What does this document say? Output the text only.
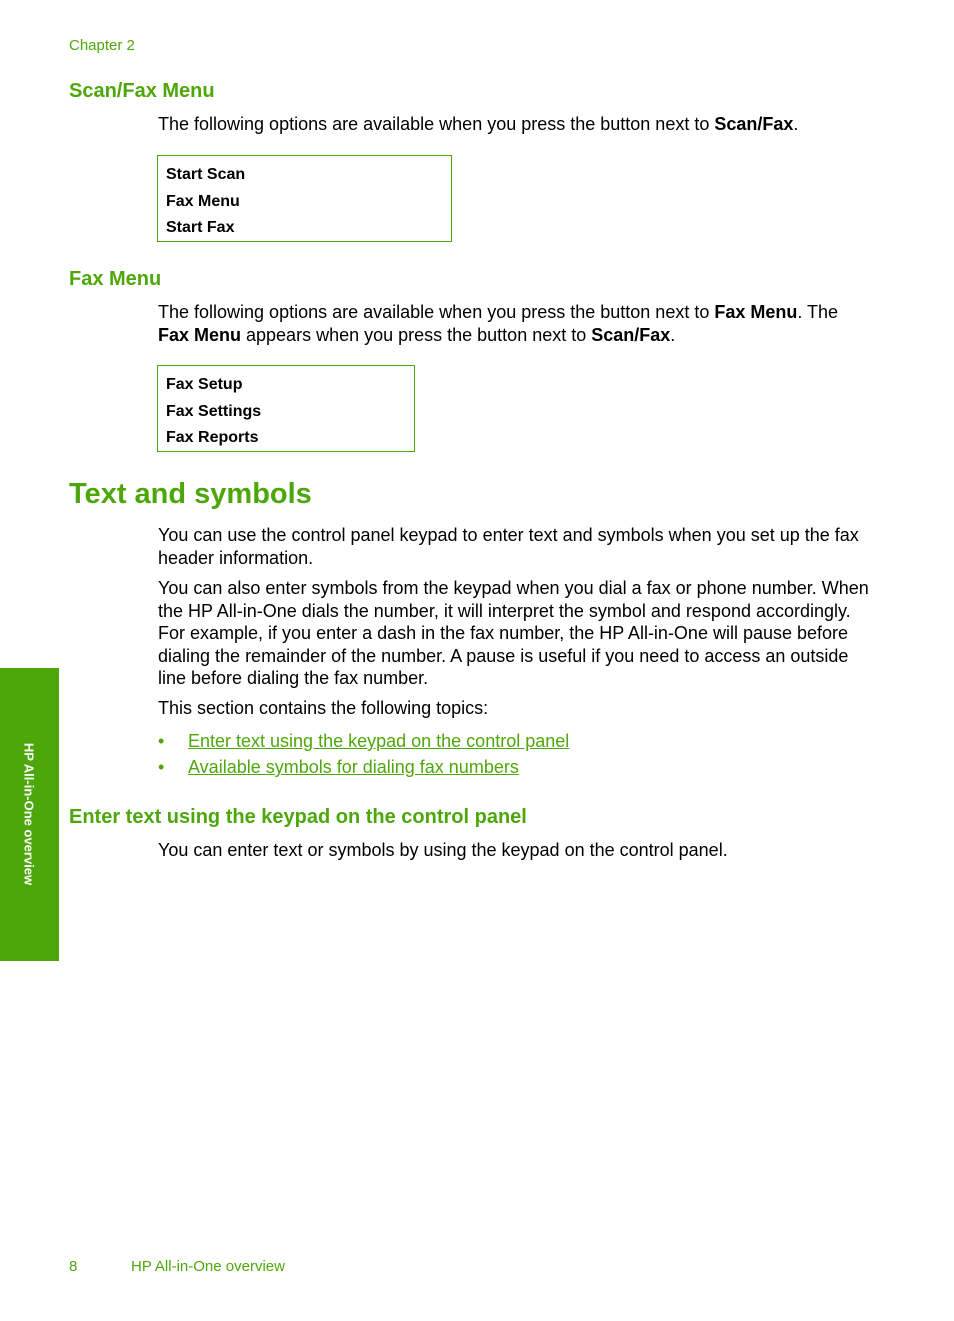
Chapter 2
Scan/Fax Menu

The following options are available when you press the button next to Scan/Fax.

Start Scan
Fax Menu
Start Fax
Fax Menu

The following options are available when you press the button next to Fax Menu. The
Fax Menu appears when you press the button next to Scan/Fax.

Fax Setup
Fax Settings
Fax Reports
Text and symbols

You can use the control panel keypad to enter text and symbols when you set up the fax header information.

You can also enter symbols from the keypad when you dial a fax or phone number. When the HP All-in-One dials the number, it will interpret the symbol and respond accordingly. For example, if you enter a dash in the fax number, the HP All-in-One will pause before dialing the remainder of the number. A pause is useful if you need to access an outside line before dialing the fax number.

This section contains the following topics:

• Enter text using the keypad on the control panel
• Available symbols for dialing fax numbers
Enter text using the keypad on the control panel

You can enter text or symbols by using the keypad on the control panel.

HP All-in-One overview
8	HP All-in-One overview
